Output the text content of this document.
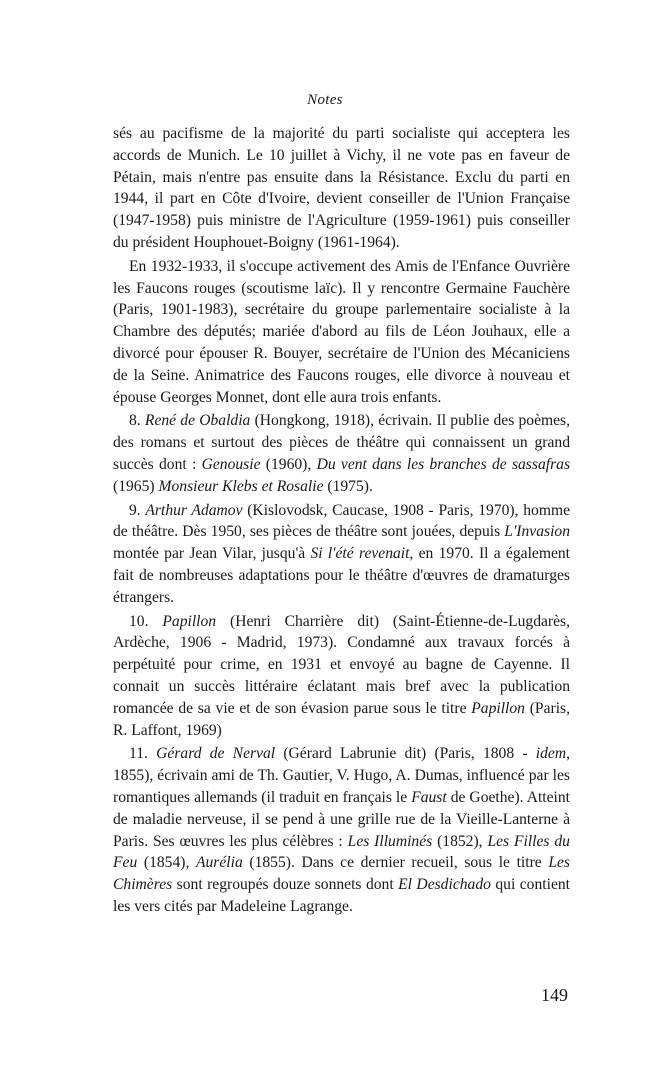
Notes

sés au pacifisme de la majorité du parti socialiste qui acceptera les accords de Munich. Le 10 juillet à Vichy, il ne vote pas en faveur de Pétain, mais n'entre pas ensuite dans la Résistance. Exclu du parti en 1944, il part en Côte d'Ivoire, devient conseiller de l'Union Française (1947-1958) puis ministre de l'Agriculture (1959-1961) puis conseiller du président Houphouet-Boigny (1961-1964).

En 1932-1933, il s'occupe activement des Amis de l'Enfance Ouvrière les Faucons rouges (scoutisme laïc). Il y rencontre Germaine Fauchère (Paris, 1901-1983), secrétaire du groupe parlementaire socialiste à la Chambre des députés; mariée d'abord au fils de Léon Jouhaux, elle a divorcé pour épouser R. Bouyer, secrétaire de l'Union des Mécaniciens de la Seine. Animatrice des Faucons rouges, elle divorce à nouveau et épouse Georges Monnet, dont elle aura trois enfants.

8. René de Obaldia (Hongkong, 1918), écrivain. Il publie des poèmes, des romans et surtout des pièces de théâtre qui connaissent un grand succès dont : Genousie (1960), Du vent dans les branches de sassafras (1965) Monsieur Klebs et Rosalie (1975).

9. Arthur Adamov (Kislovodsk, Caucase, 1908 - Paris, 1970), homme de théâtre. Dès 1950, ses pièces de théâtre sont jouées, depuis L'Invasion montée par Jean Vilar, jusqu'à Si l'été revenait, en 1970. Il a également fait de nombreuses adaptations pour le théâtre d'œuvres de dramaturges étrangers.

10. Papillon (Henri Charrière dit) (Saint-Étienne-de-Lugdarès, Ardèche, 1906 - Madrid, 1973). Condamné aux travaux forcés à perpétuité pour crime, en 1931 et envoyé au bagne de Cayenne. Il connait un succès littéraire éclatant mais bref avec la publication romancée de sa vie et de son évasion parue sous le titre Papillon (Paris, R. Laffont, 1969)

11. Gérard de Nerval (Gérard Labrunie dit) (Paris, 1808 - idem, 1855), écrivain ami de Th. Gautier, V. Hugo, A. Dumas, influencé par les romantiques allemands (il traduit en français le Faust de Goethe). Atteint de maladie nerveuse, il se pend à une grille rue de la Vieille-Lanterne à Paris. Ses œuvres les plus célèbres : Les Illuminés (1852), Les Filles du Feu (1854), Aurélia (1855). Dans ce dernier recueil, sous le titre Les Chimères sont regroupés douze sonnets dont El Desdichado qui contient les vers cités par Madeleine Lagrange.

149
